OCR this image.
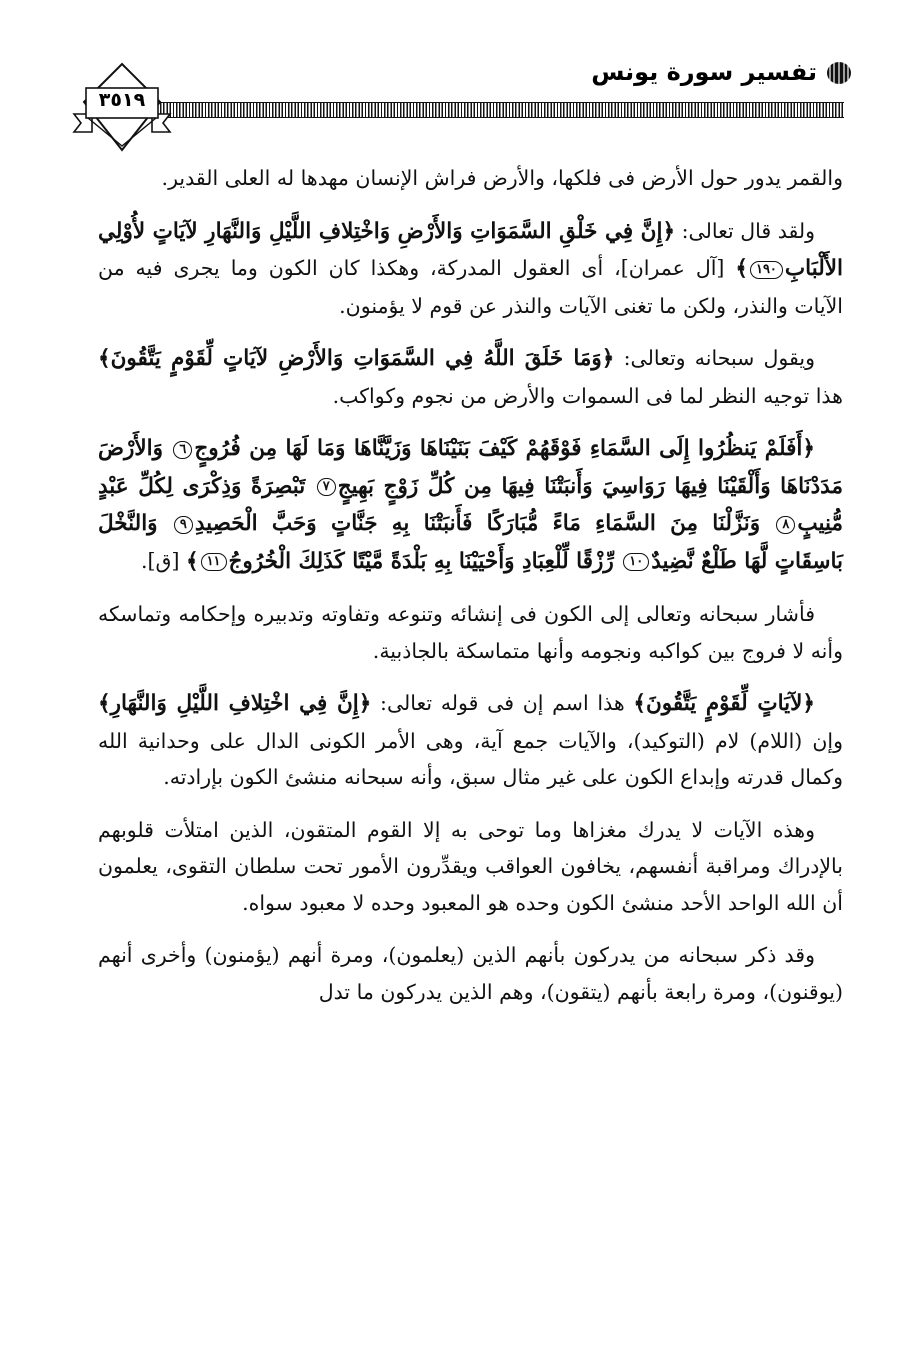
تفسير سورة يونس
٣٥١٩

والقمر يدور حول الأرض فى فلكها، والأرض فراش الإنسان مهدها له العلى القدير.

ولقد قال تعالى: ﴿إِنَّ فِي خَلْقِ السَّمَوَاتِ وَالأَرْضِ وَاخْتِلافِ اللَّيْلِ وَالنَّهَارِ لآيَاتٍ لأُوْلِي الأَلْبَابِ١٩٠﴾ [آل عمران]، أى العقول المدركة، وهكذا كان الكون وما يجرى فيه من الآيات والنذر، ولكن ما تغنى الآيات والنذر عن قوم لا يؤمنون.

ويقول سبحانه وتعالى: ﴿وَمَا خَلَقَ اللَّهُ فِي السَّمَوَاتِ وَالأَرْضِ لآيَاتٍ لِّقَوْمٍ يَتَّقُونَ﴾ هذا توجيه النظر لما فى السموات والأرض من نجوم وكواكب.

﴿أَفَلَمْ يَنظُرُوا إِلَى السَّمَاءِ فَوْقَهُمْ كَيْفَ بَنَيْنَاهَا وَزَيَّنَّاهَا وَمَا لَهَا مِن فُرُوجٍ٦ وَالأَرْضَ مَدَدْنَاهَا وَأَلْقَيْنَا فِيهَا رَوَاسِيَ وَأَنبَتْنَا فِيهَا مِن كُلِّ زَوْجٍ بَهِيجٍ٧ تَبْصِرَةً وَذِكْرَى لِكُلِّ عَبْدٍ مُّنِيبٍ٨ وَنَزَّلْنَا مِنَ السَّمَاءِ مَاءً مُّبَارَكًا فَأَنبَتْنَا بِهِ جَنَّاتٍ وَحَبَّ الْحَصِيدِ٩ وَالنَّخْلَ بَاسِقَاتٍ لَّهَا طَلْعٌ نَّضِيدٌ١٠ رِّزْقًا لِّلْعِبَادِ وَأَحْيَيْنَا بِهِ بَلْدَةً مَّيْتًا كَذَلِكَ الْخُرُوجُ١١﴾ [ق].

فأشار سبحانه وتعالى إلى الكون فى إنشائه وتنوعه وتفاوته وتدبيره وإحكامه وتماسكه وأنه لا فروج بين كواكبه ونجومه وأنها متماسكة بالجاذبية.

﴿لآيَاتٍ لِّقَوْمٍ يَتَّقُونَ﴾ هذا اسم إن فى قوله تعالى: ﴿إِنَّ فِي اخْتِلافِ اللَّيْلِ وَالنَّهَارِ﴾ وإن (اللام) لام (التوكيد)، والآيات جمع آية، وهى الأمر الكونى الدال على وحدانية الله وكمال قدرته وإبداع الكون على غير مثال سبق، وأنه سبحانه منشئ الكون بإرادته.

وهذه الآيات لا يدرك مغزاها وما توحى به إلا القوم المتقون، الذين امتلأت قلوبهم بالإدراك ومراقبة أنفسهم، يخافون العواقب ويقدِّرون الأمور تحت سلطان التقوى، يعلمون أن الله الواحد الأحد منشئ الكون وحده هو المعبود وحده لا معبود سواه.

وقد ذكر سبحانه من يدركون بأنهم الذين (يعلمون)، ومرة أنهم (يؤمنون) وأخرى أنهم (يوقنون)، ومرة رابعة بأنهم (يتقون)، وهم الذين يدركون ما تدل
